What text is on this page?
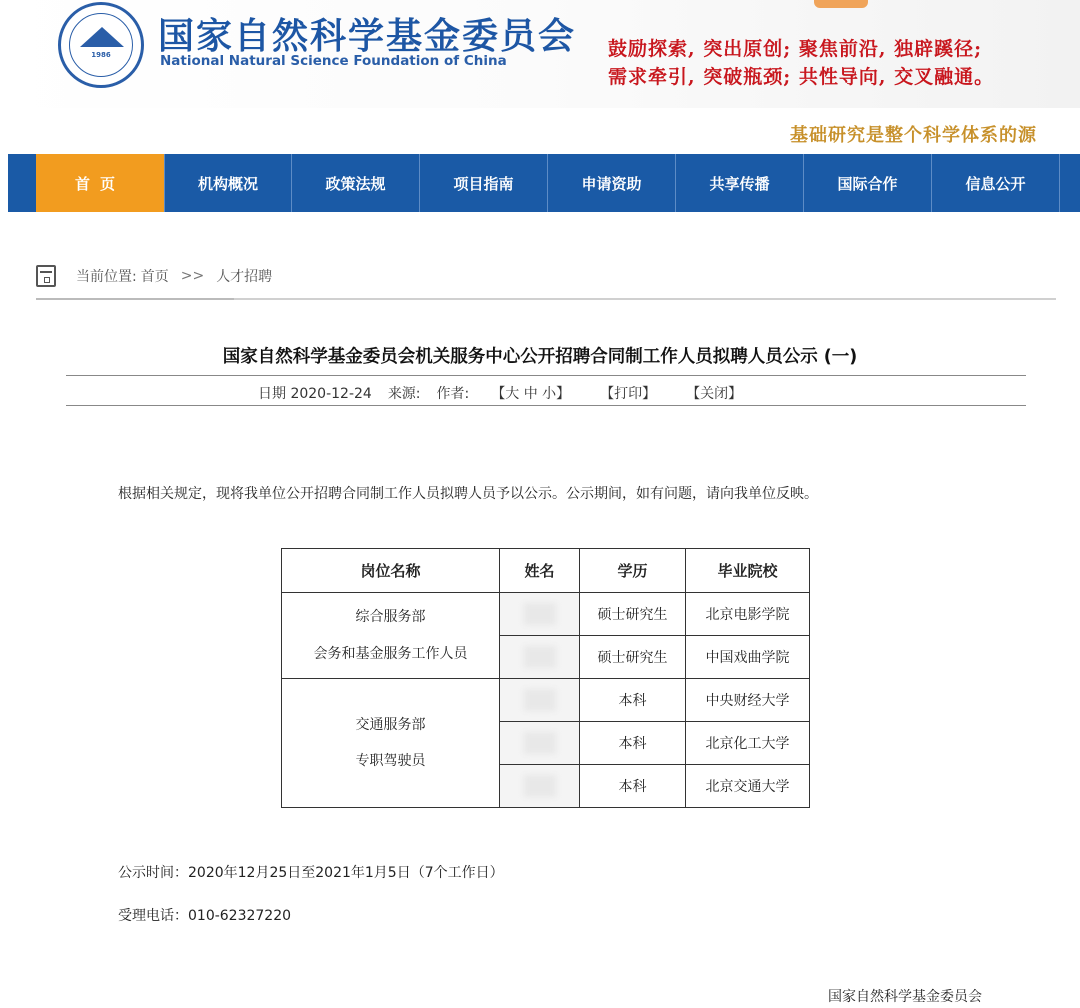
1986	国家自然科学基金委员会
National Natural Science Foundation of China
鼓励探索, 突出原创; 聚焦前沿, 独辟蹊径;
需求牵引, 突破瓶颈; 共性导向, 交叉融通。
基础研究是整个科学体系的源
首页	机构概况	政策法规	项目指南	申请资助	共享传播	国际合作	信息公开
当前位置: 首页 >> 人才招聘
国家自然科学基金委员会机关服务中心公开招聘合同制工作人员拟聘人员公示 (一)
日期 2020-12-24 来源: 作者: 【大 中 小】 【打印】 【关闭】
根据相关规定，现将我单位公开招聘合同制工作人员拟聘人员予以公示。公示期间，如有问题，请向我单位反映。
岗位名称	姓名	学历	毕业院校

综合服务部
会务和基金服务工作人员		硕士研究生	北京电影学院

		硕士研究生	中国戏曲学院

交通服务部
专职驾驶员		本科	中央财经大学

		本科	北京化工大学

		本科	北京交通大学
公示时间：2020年12月25日至2021年1月5日（7个工作日）
受理电话：010-62327220
国家自然科学基金委员会
